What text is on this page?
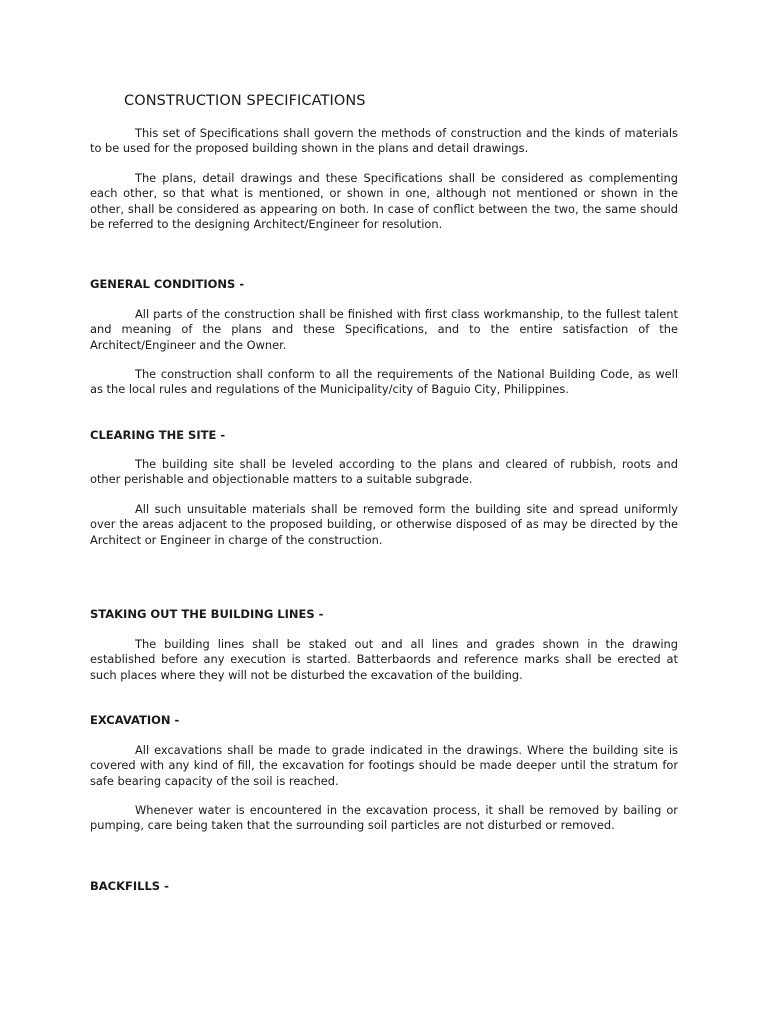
CONSTRUCTION SPECIFICATIONS

This set of Specifications shall govern the methods of construction and the kinds of materials to be used for the proposed building shown in the plans and detail drawings.

The plans, detail drawings and these Specifications shall be considered as complementing each other, so that what is mentioned, or shown in one, although not mentioned or shown in the other, shall be considered as appearing on both. In case of conflict between the two, the same should be referred to the designing Architect/Engineer for resolution.

GENERAL CONDITIONS -

All parts of the construction shall be finished with first class workmanship, to the fullest talent and meaning of the plans and these Specifications, and to the entire satisfaction of the Architect/Engineer and the Owner.

The construction shall conform to all the requirements of the National Building Code, as well as the local rules and regulations of the Municipality/city of Baguio City, Philippines.

CLEARING THE SITE -

The building site shall be leveled according to the plans and cleared of rubbish, roots and other perishable and objectionable matters to a suitable subgrade.

All such unsuitable materials shall be removed form the building site and spread uniformly over the areas adjacent to the proposed building, or otherwise disposed of as may be directed by the Architect or Engineer in charge of the construction.

STAKING OUT THE BUILDING LINES -

The building lines shall be staked out and all lines and grades shown in the drawing established before any execution is started. Batterbaords and reference marks shall be erected at such places where they will not be disturbed the excavation of the building.

EXCAVATION -

All excavations shall be made to grade indicated in the drawings. Where the building site is covered with any kind of fill, the excavation for footings should be made deeper until the stratum for safe bearing capacity of the soil is reached.

Whenever water is encountered in the excavation process, it shall be removed by bailing or pumping, care being taken that the surrounding soil particles are not disturbed or removed.

BACKFILLS -
